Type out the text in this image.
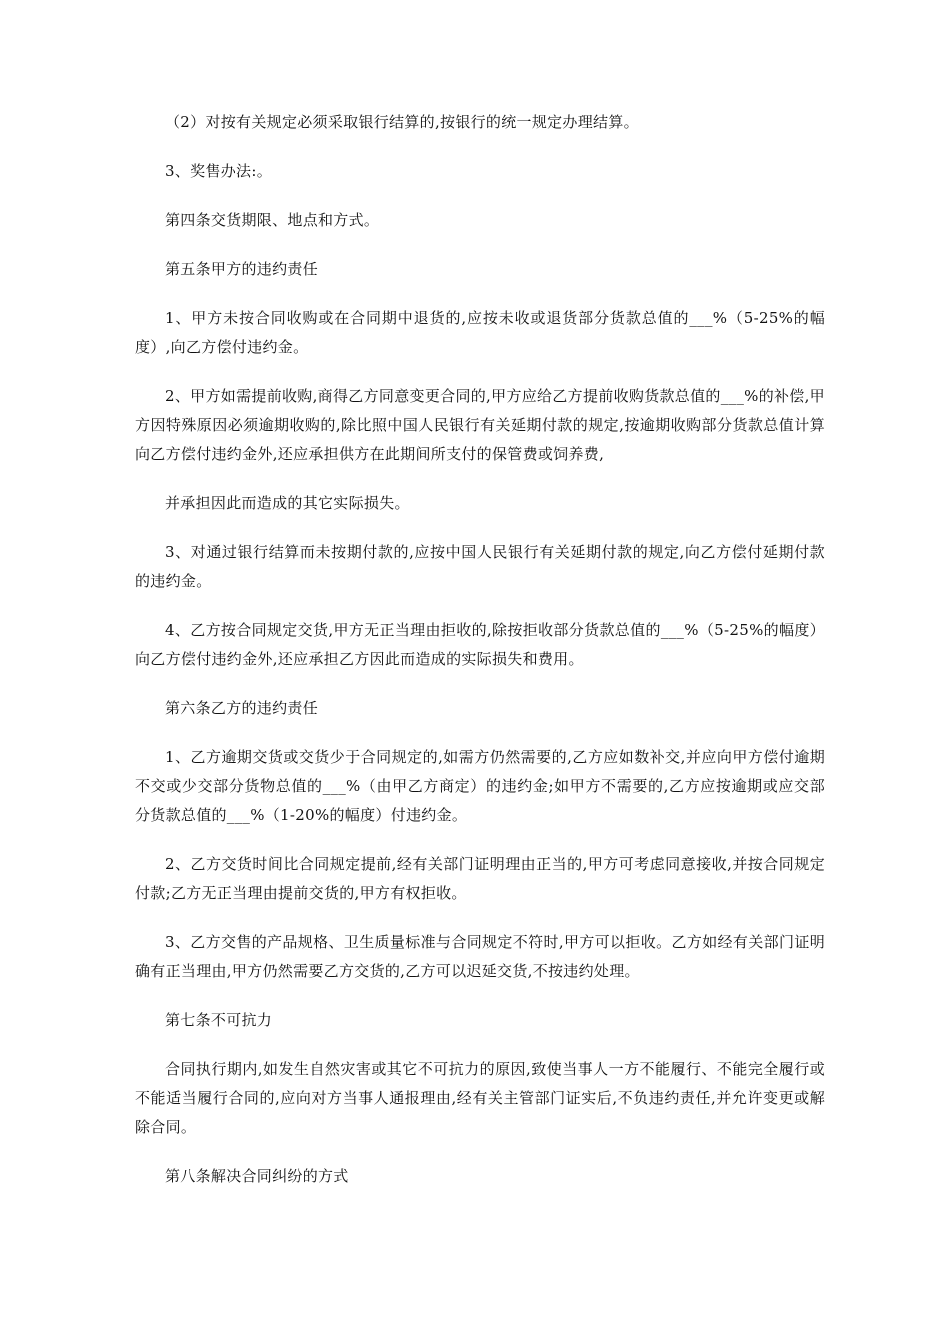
（2）对按有关规定必须采取银行结算的,按银行的统一规定办理结算。

3、奖售办法:。

第四条交货期限、地点和方式。

第五条甲方的违约责任

1、甲方未按合同收购或在合同期中退货的,应按未收或退货部分货款总值的___%（5-25%的幅度）,向乙方偿付违约金。

2、甲方如需提前收购,商得乙方同意变更合同的,甲方应给乙方提前收购货款总值的___%的补偿,甲方因特殊原因必须逾期收购的,除比照中国人民银行有关延期付款的规定,按逾期收购部分货款总值计算向乙方偿付违约金外,还应承担供方在此期间所支付的保管费或饲养费,

并承担因此而造成的其它实际损失。

3、对通过银行结算而未按期付款的,应按中国人民银行有关延期付款的规定,向乙方偿付延期付款的违约金。

4、乙方按合同规定交货,甲方无正当理由拒收的,除按拒收部分货款总值的___%（5-25%的幅度）向乙方偿付违约金外,还应承担乙方因此而造成的实际损失和费用。

第六条乙方的违约责任

1、乙方逾期交货或交货少于合同规定的,如需方仍然需要的,乙方应如数补交,并应向甲方偿付逾期不交或少交部分货物总值的___%（由甲乙方商定）的违约金;如甲方不需要的,乙方应按逾期或应交部分货款总值的___%（1-20%的幅度）付违约金。

2、乙方交货时间比合同规定提前,经有关部门证明理由正当的,甲方可考虑同意接收,并按合同规定付款;乙方无正当理由提前交货的,甲方有权拒收。

3、乙方交售的产品规格、卫生质量标准与合同规定不符时,甲方可以拒收。乙方如经有关部门证明确有正当理由,甲方仍然需要乙方交货的,乙方可以迟延交货,不按违约处理。

第七条不可抗力

合同执行期内,如发生自然灾害或其它不可抗力的原因,致使当事人一方不能履行、不能完全履行或不能适当履行合同的,应向对方当事人通报理由,经有关主管部门证实后,不负违约责任,并允许变更或解除合同。

第八条解决合同纠纷的方式
